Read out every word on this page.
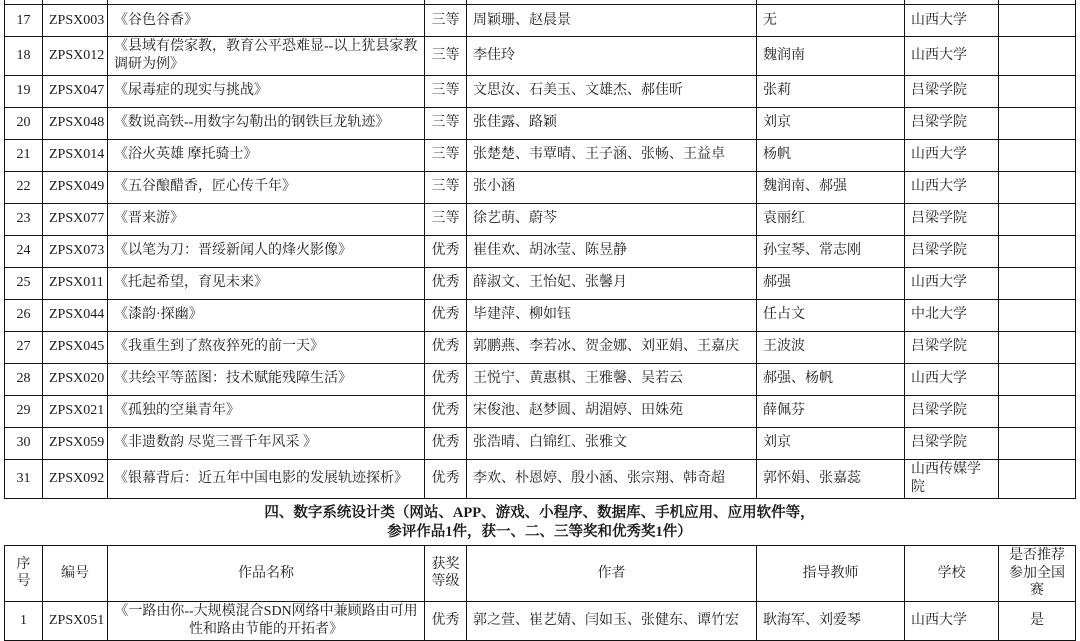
17	ZPSX003	《谷色谷香》	三等	周颖珊、赵晨景	无	山西大学	
18	ZPSX012	《县域有偿家教，教育公平恐难显--以上犹县家教调研为例》	三等	李佳玲	魏润南	山西大学	
19	ZPSX047	《尿毒症的现实与挑战》	三等	文思汝、石美玉、文雄杰、郝佳昕	张莉	吕梁学院	
20	ZPSX048	《数说高铁--用数字勾勒出的钢铁巨龙轨迹》	三等	张佳露、路颖	刘京	吕梁学院	
21	ZPSX014	《浴火英雄 摩托骑士》	三等	张楚楚、韦覃晴、王子涵、张畅、王益卓	杨帆	山西大学	
22	ZPSX049	《五谷酿醋香，匠心传千年》	三等	张小涵	魏润南、郝强	山西大学	
23	ZPSX077	《晋来游》	三等	徐艺萌、蔚芩	袁丽红	吕梁学院	
24	ZPSX073	《以笔为刀：晋绥新闻人的烽火影像》	优秀	崔佳欢、胡冰莹、陈昱静	孙宝琴、常志刚	吕梁学院	
25	ZPSX011	《托起希望，育见未来》	优秀	薛淑文、王怡妃、张馨月	郝强	山西大学	
26	ZPSX044	《漆韵·探幽》	优秀	毕建萍、柳如钰	任占文	中北大学	
27	ZPSX045	《我重生到了熬夜猝死的前一天》	优秀	郭鹏燕、李若冰、贺金娜、刘亚娟、王嘉庆	王波波	吕梁学院	
28	ZPSX020	《共绘平等蓝图：技术赋能残障生活》	优秀	王悦宁、黄惠棋、王雅馨、吴若云	郝强、杨帆	山西大学	
29	ZPSX021	《孤独的空巢青年》	优秀	宋俊池、赵梦圆、胡湄婷、田姝苑	薛佩芬	吕梁学院	
30	ZPSX059	《非遗数韵 尽览三晋千年风采 》	优秀	张浩晴、白锦红、张雅文	刘京	吕梁学院	
31	ZPSX092	《银幕背后：近五年中国电影的发展轨迹探析》	优秀	李欢、朴恩婷、殷小涵、张宗翔、韩奇超	郭怀娟、张嘉蕊	山西传媒学院	
四、数字系统设计类（网站、APP、游戏、小程序、数据库、手机应用、应用软件等，
参评作品1件，获一、二、三等奖和优秀奖1件）
序号	编号	作品名称	获奖等级	作者	指导教师	学校	是否推荐参加全国赛
1	ZPSX051	《一路由你--大规模混合SDN网络中兼顾路由可用性和路由节能的开拓者》	优秀	郭之萱、崔艺婧、闫如玉、张健东、谭竹宏	耿海军、刘爱琴	山西大学	是
